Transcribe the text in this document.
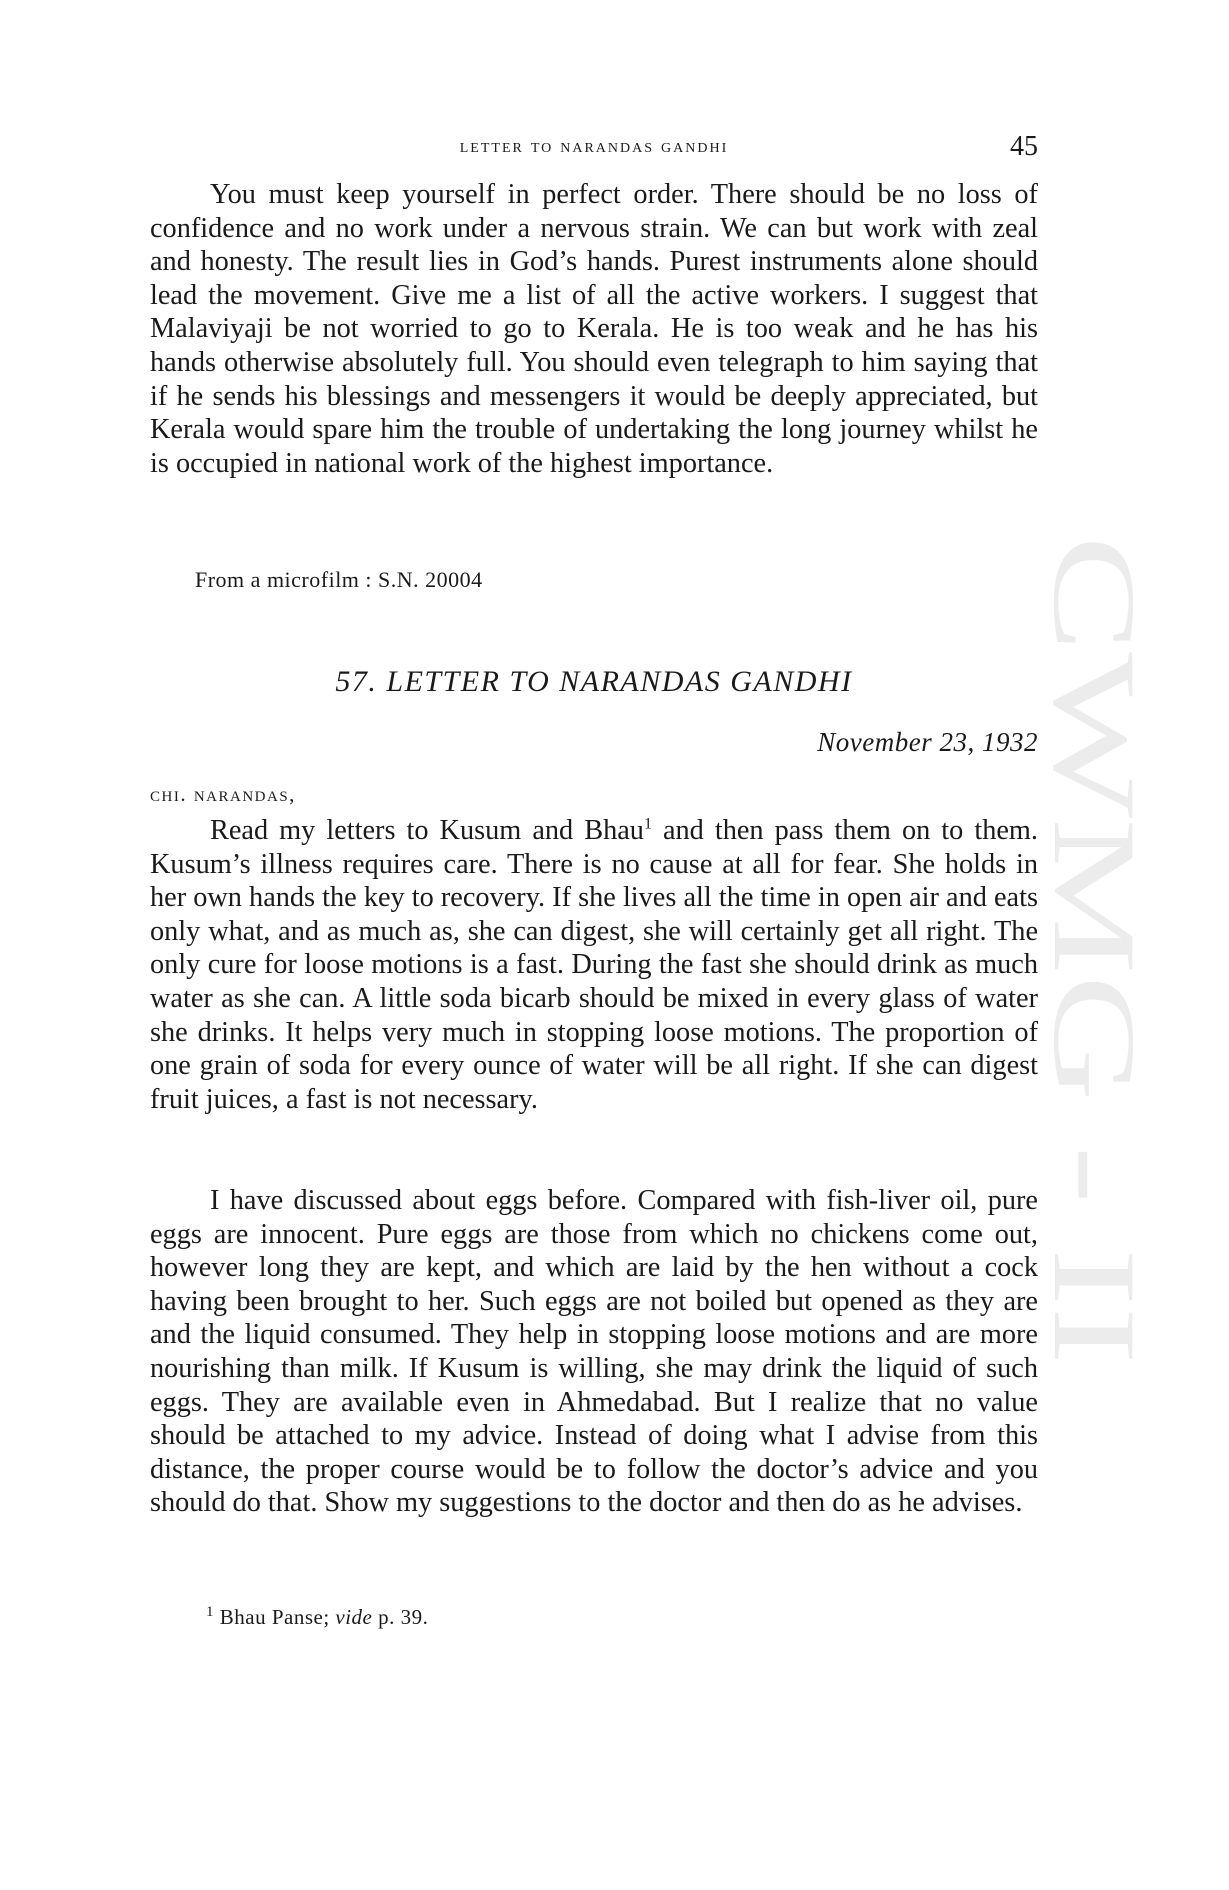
letter to narandas gandhi	45

You must keep yourself in perfect order. There should be no loss of confidence and no work under a nervous strain. We can but work with zeal and honesty. The result lies in God’s hands. Purest instruments alone should lead the movement. Give me a list of all the active workers. I suggest that Malaviyaji be not worried to go to Kerala. He is too weak and he has his hands otherwise absolutely full. You should even telegraph to him saying that if he sends his blessings and messengers it would be deeply appreciated, but Kerala would spare him the trouble of undertaking the long journey whilst he is occupied in national work of the highest importance.

From a microfilm : S.N. 20004
57. LETTER TO NARANDAS GANDHI
November 23, 1932
chi. narandas,

Read my letters to Kusum and Bhau$^1$ and then pass them on to them. Kusum’s illness requires care. There is no cause at all for fear. She holds in her own hands the key to recovery. If she lives all the time in open air and eats only what, and as much as, she can digest, she will certainly get all right. The only cure for loose motions is a fast. During the fast she should drink as much water as she can. A little soda bicarb should be mixed in every glass of water she drinks. It helps very much in stopping loose motions. The proportion of one grain of soda for every ounce of water will be all right. If she can digest fruit juices, a fast is not necessary.

I have discussed about eggs before. Compared with fish-liver oil, pure eggs are innocent. Pure eggs are those from which no chickens come out, however long they are kept, and which are laid by the hen without a cock having been brought to her. Such eggs are not boiled but opened as they are and the liquid consumed. They help in stopping loose motions and are more nourishing than milk. If Kusum is willing, she may drink the liquid of such eggs. They are available even in Ahmedabad. But I realize that no value should be attached to my advice. Instead of doing what I advise from this distance, the proper course would be to follow the doctor’s advice and you should do that. Show my suggestions to the doctor and then do as he advises.

$^1$ Bhau Panse; vide p. 39.
CWMG - II
